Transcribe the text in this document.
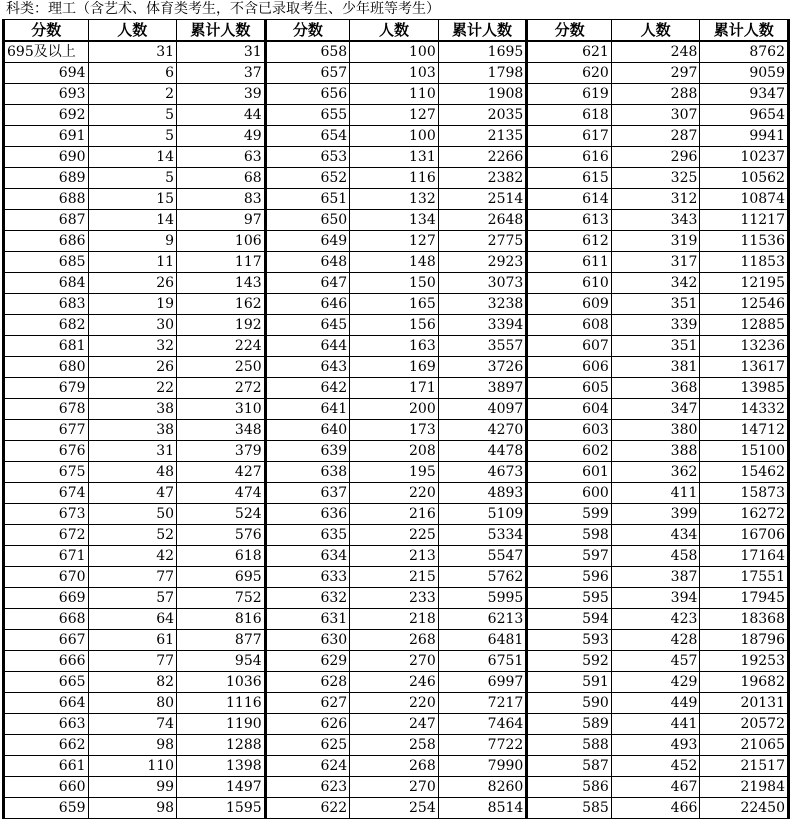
科类：理工（含艺术、体育类考生，不含已录取考生、少年班等考生）
分数	人数	累计人数	分数	人数	累计人数	分数	人数	累计人数
695及以上	31	31	658	100	1695	621	248	8762
694	6	37	657	103	1798	620	297	9059
693	2	39	656	110	1908	619	288	9347
692	5	44	655	127	2035	618	307	9654
691	5	49	654	100	2135	617	287	9941
690	14	63	653	131	2266	616	296	10237
689	5	68	652	116	2382	615	325	10562
688	15	83	651	132	2514	614	312	10874
687	14	97	650	134	2648	613	343	11217
686	9	106	649	127	2775	612	319	11536
685	11	117	648	148	2923	611	317	11853
684	26	143	647	150	3073	610	342	12195
683	19	162	646	165	3238	609	351	12546
682	30	192	645	156	3394	608	339	12885
681	32	224	644	163	3557	607	351	13236
680	26	250	643	169	3726	606	381	13617
679	22	272	642	171	3897	605	368	13985
678	38	310	641	200	4097	604	347	14332
677	38	348	640	173	4270	603	380	14712
676	31	379	639	208	4478	602	388	15100
675	48	427	638	195	4673	601	362	15462
674	47	474	637	220	4893	600	411	15873
673	50	524	636	216	5109	599	399	16272
672	52	576	635	225	5334	598	434	16706
671	42	618	634	213	5547	597	458	17164
670	77	695	633	215	5762	596	387	17551
669	57	752	632	233	5995	595	394	17945
668	64	816	631	218	6213	594	423	18368
667	61	877	630	268	6481	593	428	18796
666	77	954	629	270	6751	592	457	19253
665	82	1036	628	246	6997	591	429	19682
664	80	1116	627	220	7217	590	449	20131
663	74	1190	626	247	7464	589	441	20572
662	98	1288	625	258	7722	588	493	21065
661	110	1398	624	268	7990	587	452	21517
660	99	1497	623	270	8260	586	467	21984
659	98	1595	622	254	8514	585	466	22450
